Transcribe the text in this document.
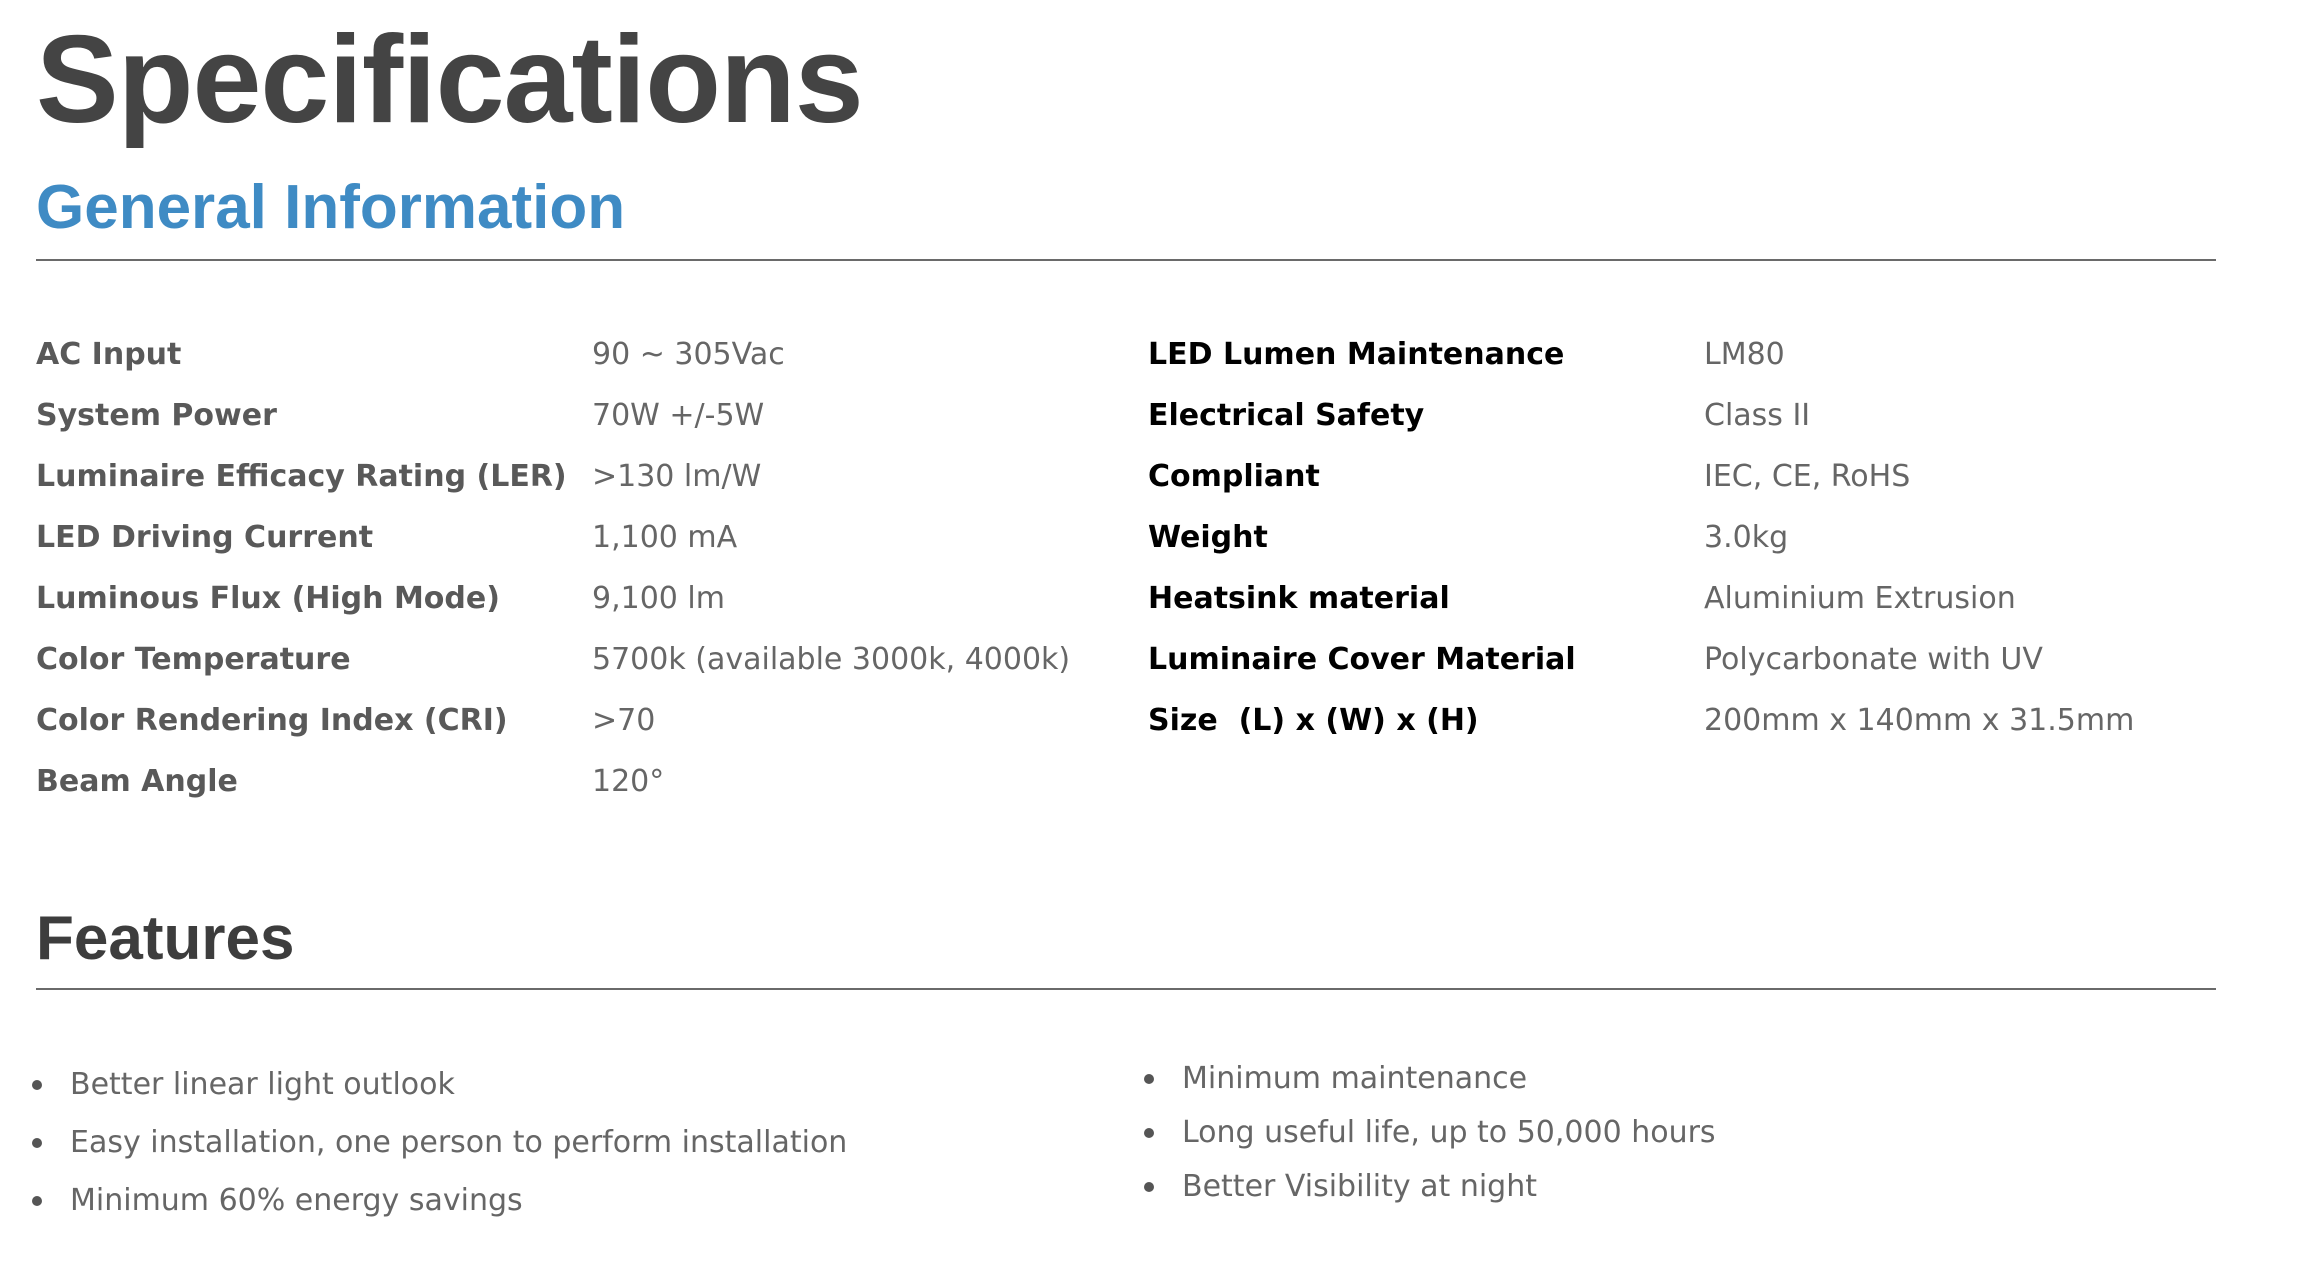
Specifications
General Information
AC Input	90 ~ 305Vac
System Power	70W +/-5W
Luminaire Efficacy Rating (LER) >130 lm/W
LED Driving Current	1,100 mA
Luminous Flux (High Mode)	9,100 lm
Color Temperature	5700k (available 3000k, 4000k)
Color Rendering Index (CRI)	>70
Beam Angle	120°
LED Lumen Maintenance	LM80
Electrical Safety	Class II
Compliant	IEC, CE, RoHS
Weight	3.0kg
Heatsink material	Aluminium Extrusion
Luminaire Cover Material	Polycarbonate with UV
Size  (L) x (W) x (H)	200mm x 140mm x 31.5mm
Features
Better linear light outlook
Easy installation, one person to perform installation
Minimum 60% energy savings
Minimum maintenance
Long useful life, up to 50,000 hours
Better Visibility at night
